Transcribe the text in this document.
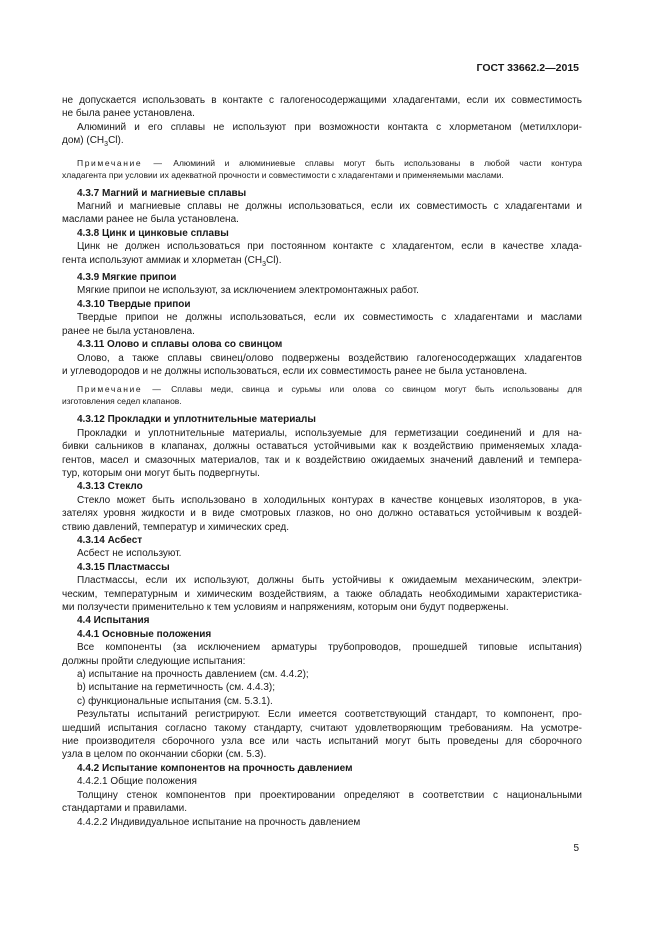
ГОСТ 33662.2—2015

не допускается использовать в контакте с галогеносодержащими хладагентами, если их совместимость

не была ранее установлена.

Алюминий и его сплавы не используют при возможности контакта с хлорметаном (метилхлори-

дом) $(CH_3Cl)$.

Примечание — Алюминий и алюминиевые сплавы могут быть использованы в любой части контура

хладагента при условии их адекватной прочности и совместимости с хладагентами и применяемыми маслами.

4.3.7 Магний и магниевые сплавы

Магний и магниевые сплавы не должны использоваться, если их совместимость с хладагентами и

маслами ранее не была установлена.

4.3.8 Цинк и цинковые сплавы

Цинк не должен использоваться при постоянном контакте с хладагентом, если в качестве хлада-

гента используют аммиак и хлорметан $(CH_3Cl)$.

4.3.9 Мягкие припои

Мягкие припои не используют, за исключением электромонтажных работ.

4.3.10 Твердые припои

Твердые припои не должны использоваться, если их совместимость с хладагентами и маслами

ранее не была установлена.

4.3.11 Олово и сплавы олова со свинцом

Олово, а также сплавы свинец/олово подвержены воздействию галогеносодержащих хладагентов

и углеводородов и не должны использоваться, если их совместимость ранее не была установлена.

Примечание — Сплавы меди, свинца и сурьмы или олова со свинцом могут быть использованы для

изготовления седел клапанов.

4.3.12 Прокладки и уплотнительные материалы

Прокладки и уплотнительные материалы, используемые для герметизации соединений и для на-

бивки сальников в клапанах, должны оставаться устойчивыми как к воздействию применяемых хлада-

гентов, масел и смазочных материалов, так и к воздействию ожидаемых значений давлений и темпера-

тур, которым они могут быть подвергнуты.

4.3.13 Стекло

Стекло может быть использовано в холодильных контурах в качестве концевых изоляторов, в ука-

зателях уровня жидкости и в виде смотровых глазков, но оно должно оставаться устойчивым к воздей-

ствию давлений, температур и химических сред.

4.3.14 Асбест

Асбест не используют.

4.3.15 Пластмассы

Пластмассы, если их используют, должны быть устойчивы к ожидаемым механическим, электри-

ческим, температурным и химическим воздействиям, а также обладать необходимыми характеристика-

ми ползучести применительно к тем условиям и напряжениям, которым они будут подвержены.

4.4 Испытания

4.4.1 Основные положения

Все компоненты (за исключением арматуры трубопроводов, прошедшей типовые испытания)

должны пройти следующие испытания:

a) испытание на прочность давлением (см. 4.4.2);

b) испытание на герметичность (см. 4.4.3);

c) функциональные испытания (см. 5.3.1).

Результаты испытаний регистрируют. Если имеется соответствующий стандарт, то компонент, про-

шедший испытания согласно такому стандарту, считают удовлетворяющим требованиям. На усмотре-

ние производителя сборочного узла все или часть испытаний могут быть проведены для сборочного

узла в целом по окончании сборки (см. 5.3).

4.4.2 Испытание компонентов на прочность давлением

4.4.2.1 Общие положения

Толщину стенок компонентов при проектировании определяют в соответствии с национальными

стандартами и правилами.

4.4.2.2 Индивидуальное испытание на прочность давлением

5
